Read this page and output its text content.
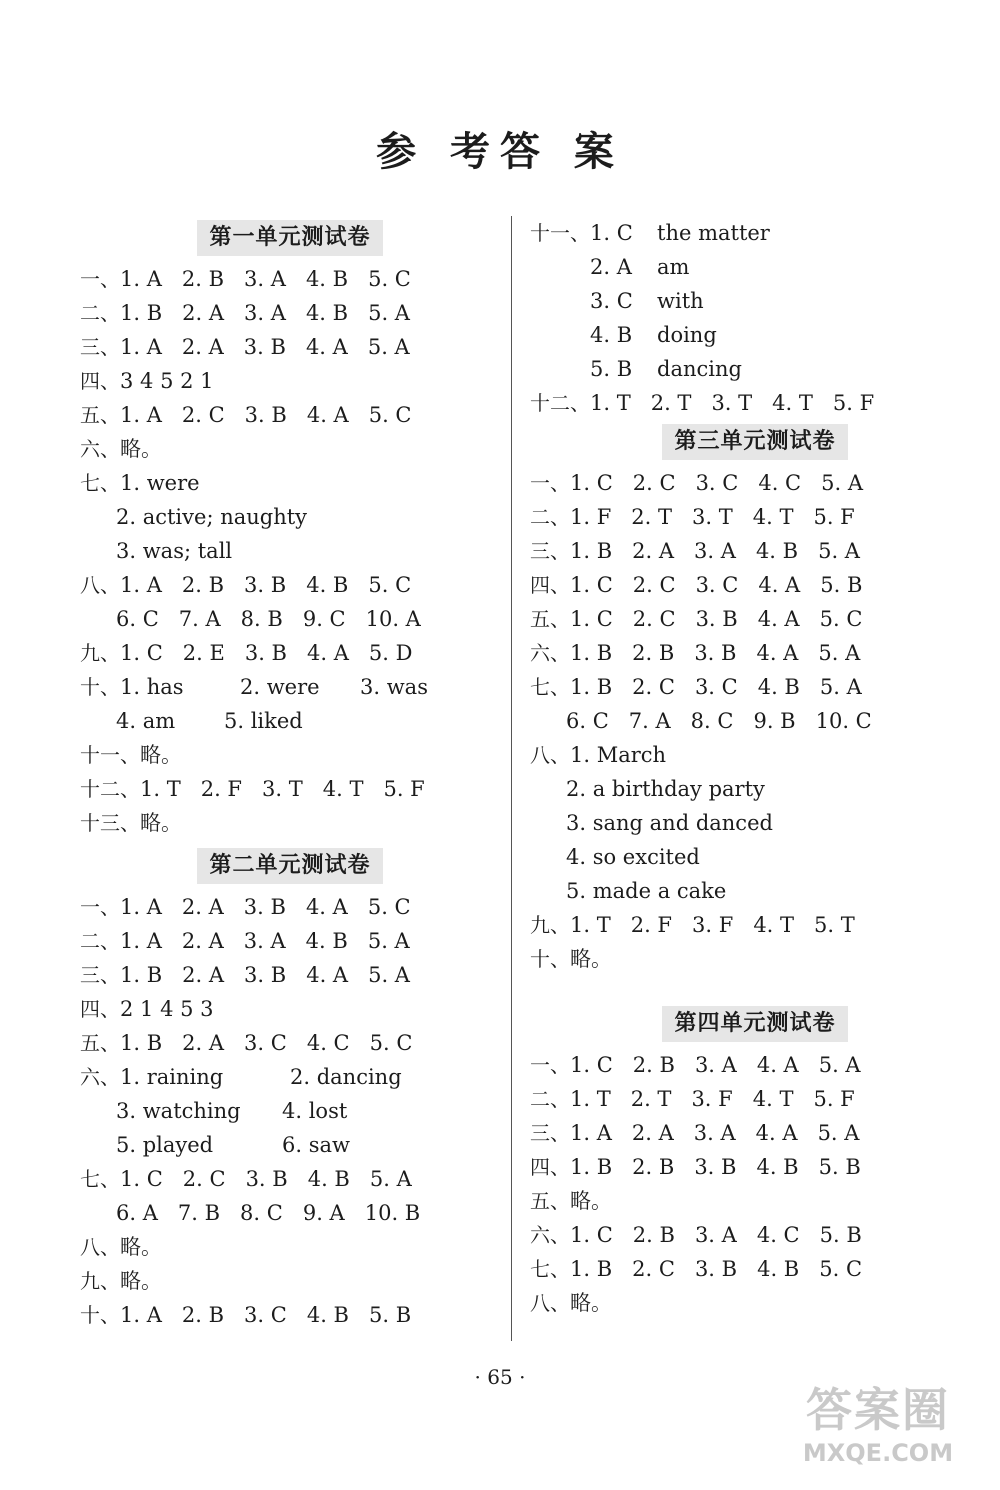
参 考答 案
第一单元测试卷
一、1. A 2. B 3. A 4. B 5. C
二、1. B 2. A 3. A 4. B 5. A
三、1. A 2. A 3. B 4. A 5. A
四、3 4 5 2 1
五、1. A 2. C 3. B 4. A 5. C
六、略。
七、1. were
2. active; naughty
3. was; tall
八、1. A 2. B 3. B 4. B 5. C
6. C 7. A 8. B 9. C 10. A
九、1. C 2. E 3. B 4. A 5. D
十、1. has	2. were 3. was
4. am 5. liked
十一、略。
十二、1. T 2. F 3. T 4. T 5. F
十三、略。
第二单元测试卷
一、1. A 2. A 3. B 4. A 5. C
二、1. A 2. A 3. A 4. B 5. A
三、1. B 2. A 3. B 4. A 5. A
四、2 1 4 5 3
五、1. B 2. A 3. C 4. C 5. C
六、1. raining	2. dancing
3. watching 4. lost
5. played	6. saw
七、1. C 2. C 3. B 4. B 5. A
6. A 7. B 8. C 9. A 10. B
八、略。
九、略。
十、1. A 2. B 3. C 4. B 5. B
十一、1. C the matter
2. A am
3. C with
4. B doing
5. B dancing
十二、1. T 2. T 3. T 4. T 5. F
第三单元测试卷
一、1. C 2. C 3. C 4. C 5. A
二、1. F 2. T 3. T 4. T 5. F
三、1. B 2. A 3. A 4. B 5. A
四、1. C 2. C 3. C 4. A 5. B
五、1. C 2. C 3. B 4. A 5. C
六、1. B 2. B 3. B 4. A 5. A
七、1. B 2. C 3. C 4. B 5. A
6. C 7. A 8. C 9. B 10. C
八、1. March
2. a birthday party
3. sang and danced
4. so excited
5. made a cake
九、1. T 2. F 3. F 4. T 5. T
十、略。
第四单元测试卷
一、1. C 2. B 3. A 4. A 5. A
二、1. T 2. T 3. F 4. T 5. F
三、1. A 2. A 3. A 4. A 5. A
四、1. B 2. B 3. B 4. B 5. B
五、略。
六、1. C 2. B 3. A 4. C 5. B
七、1. B 2. C 3. B 4. B 5. C
八、略。
· 65 ·
答案圈
MXQE.COM
